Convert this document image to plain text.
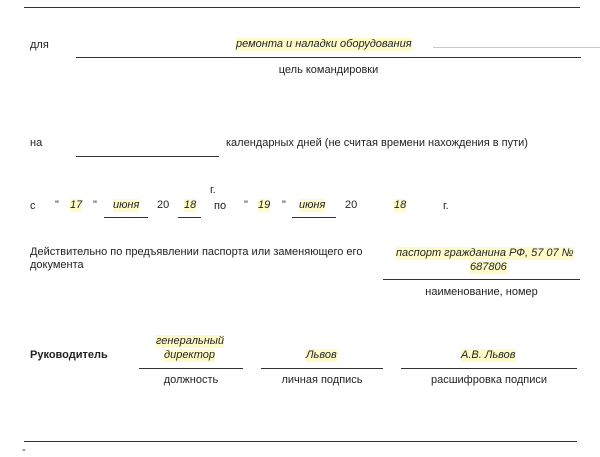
для	ремонта и наладки оборудования
цель командировки
на	календарных дней (не считая времени нахождения в пути)
г.
с " 17 " июня 20 18 по " 19 " июня 20	18	г.
Действительно по предъявлении паспорта или заменяющего его документа
паспорт гражданина РФ, 57 07 №
687806
наименование, номер
Руководитель
генеральный
директор
должность
Львов
личная подпись
А.В. Львов
расшифровка подписи
-
